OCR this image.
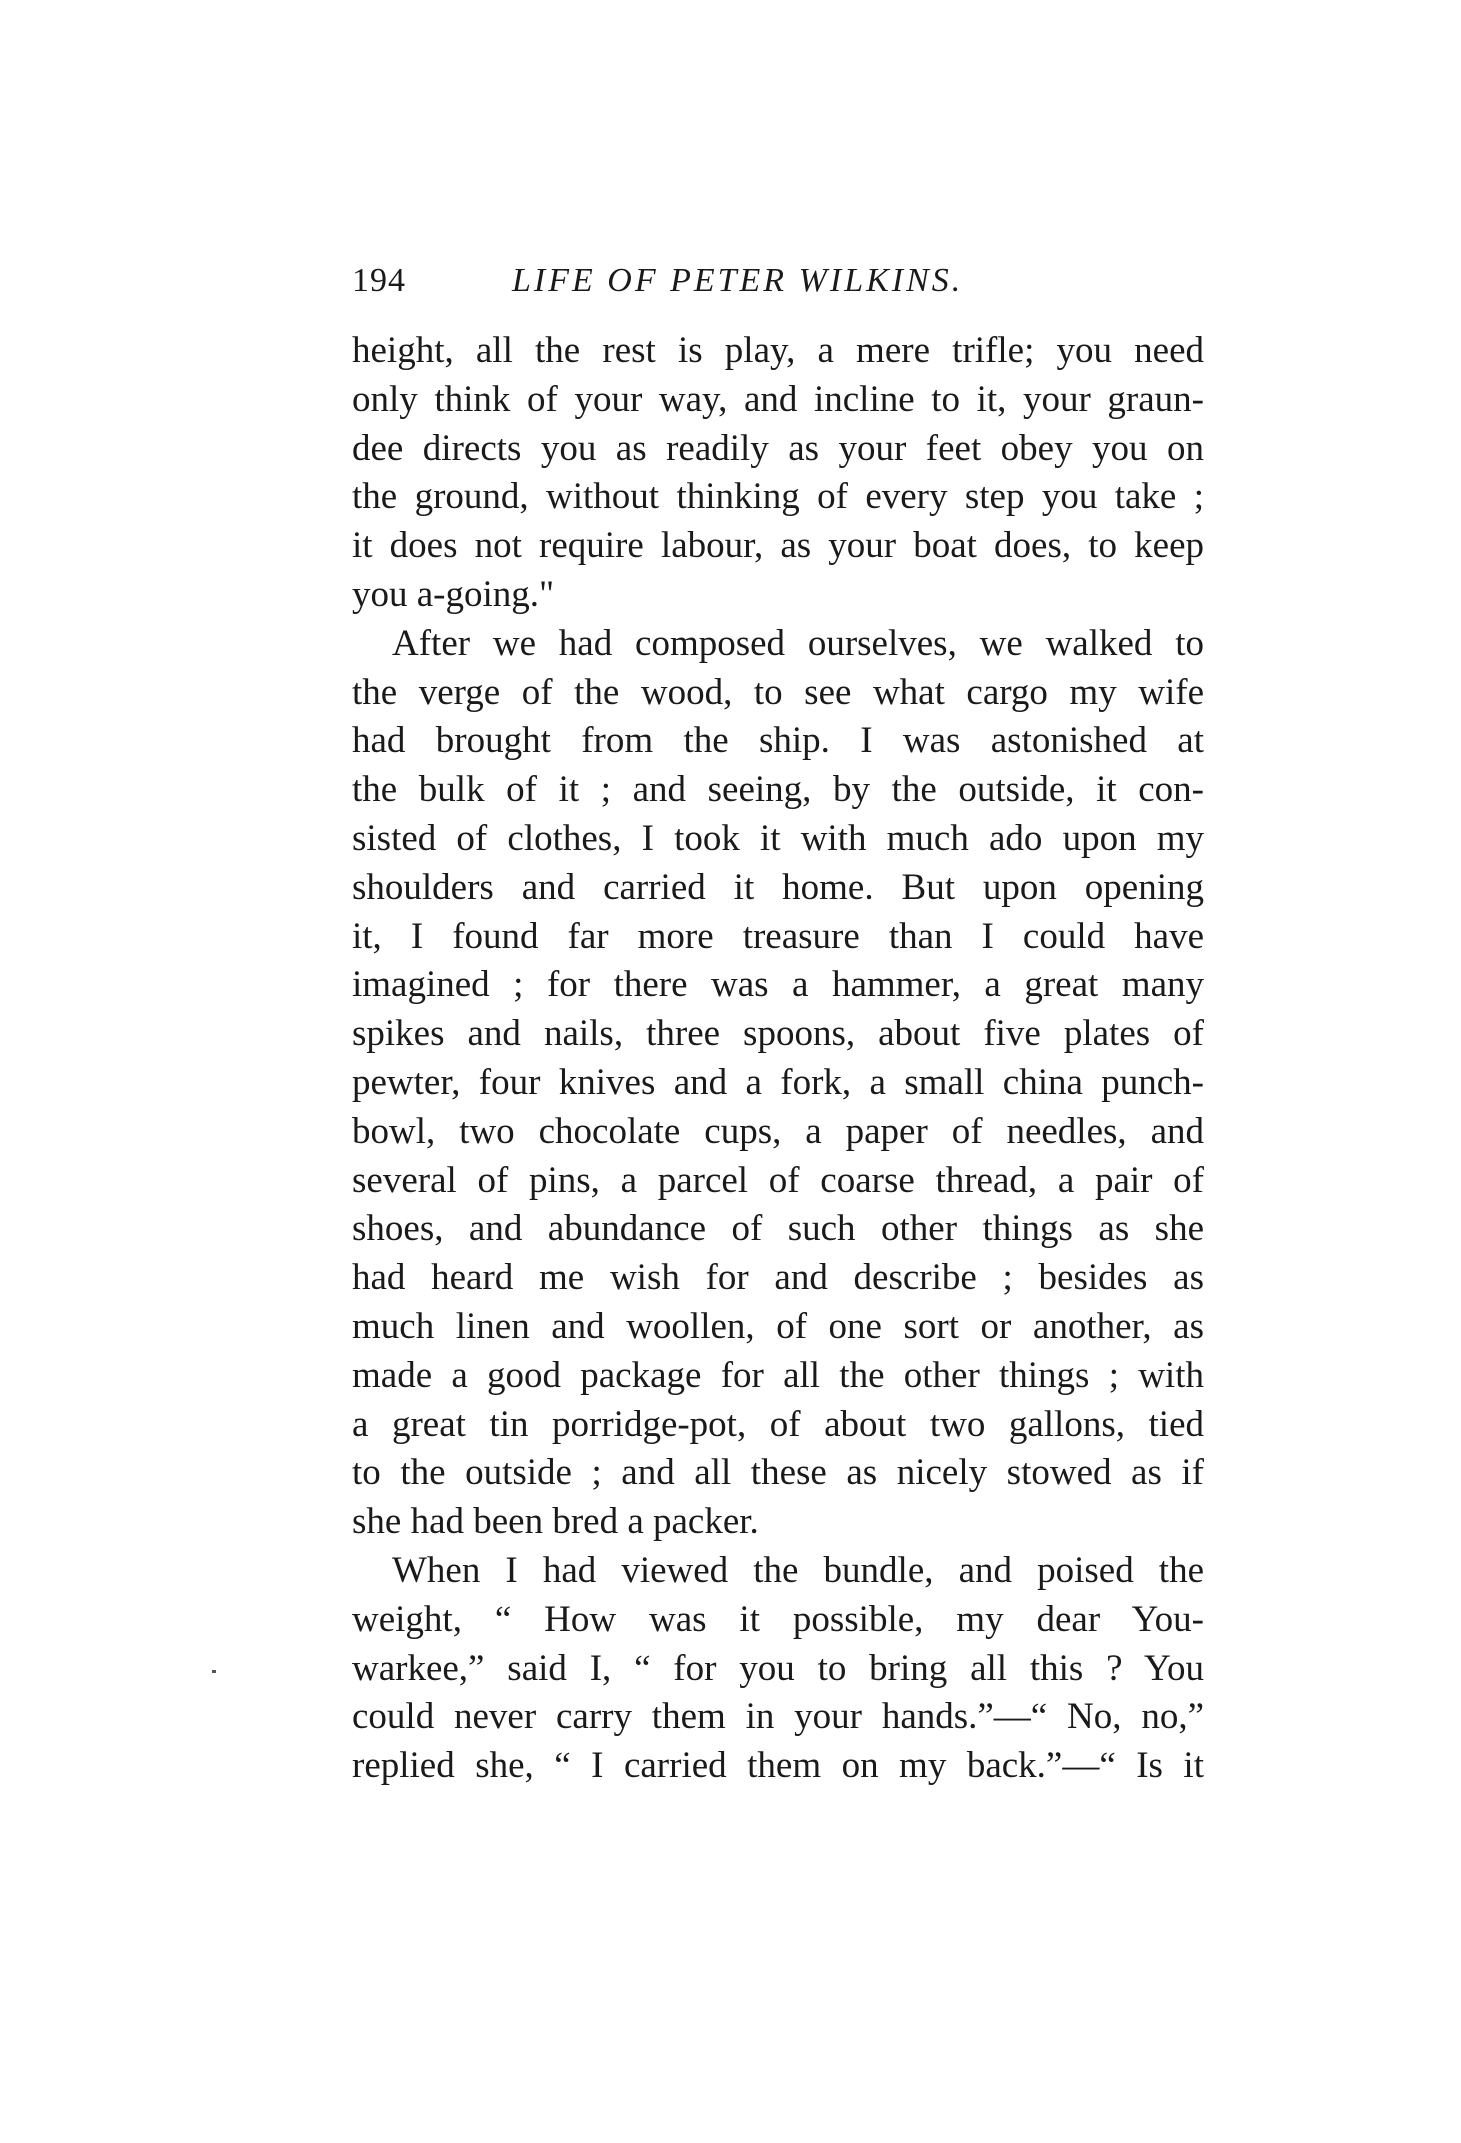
194	LIFE OF PETER WILKINS.
height, all the rest is play, a mere trifle; you need
only think of your way, and incline to it, your graun-
dee directs you as readily as your feet obey you on
the ground, without thinking of every step you take ;
it does not require labour, as your boat does, to keep
you a-going."
After we had composed ourselves, we walked to
the verge of the wood, to see what cargo my wife
had brought from the ship. I was astonished at
the bulk of it ; and seeing, by the outside, it con-
sisted of clothes, I took it with much ado upon my
shoulders and carried it home. But upon opening
it, I found far more treasure than I could have
imagined ; for there was a hammer, a great many
spikes and nails, three spoons, about five plates of
pewter, four knives and a fork, a small china punch-
bowl, two chocolate cups, a paper of needles, and
several of pins, a parcel of coarse thread, a pair of
shoes, and abundance of such other things as she
had heard me wish for and describe ; besides as
much linen and woollen, of one sort or another, as
made a good package for all the other things ; with
a great tin porridge-pot, of about two gallons, tied
to the outside ; and all these as nicely stowed as if
she had been bred a packer.
When I had viewed the bundle, and poised the
weight, “ How was it possible, my dear You-
warkee,” said I, “ for you to bring all this ? You
could never carry them in your hands.”—“ No, no,”
replied she, “ I carried them on my back.”—“ Is it
